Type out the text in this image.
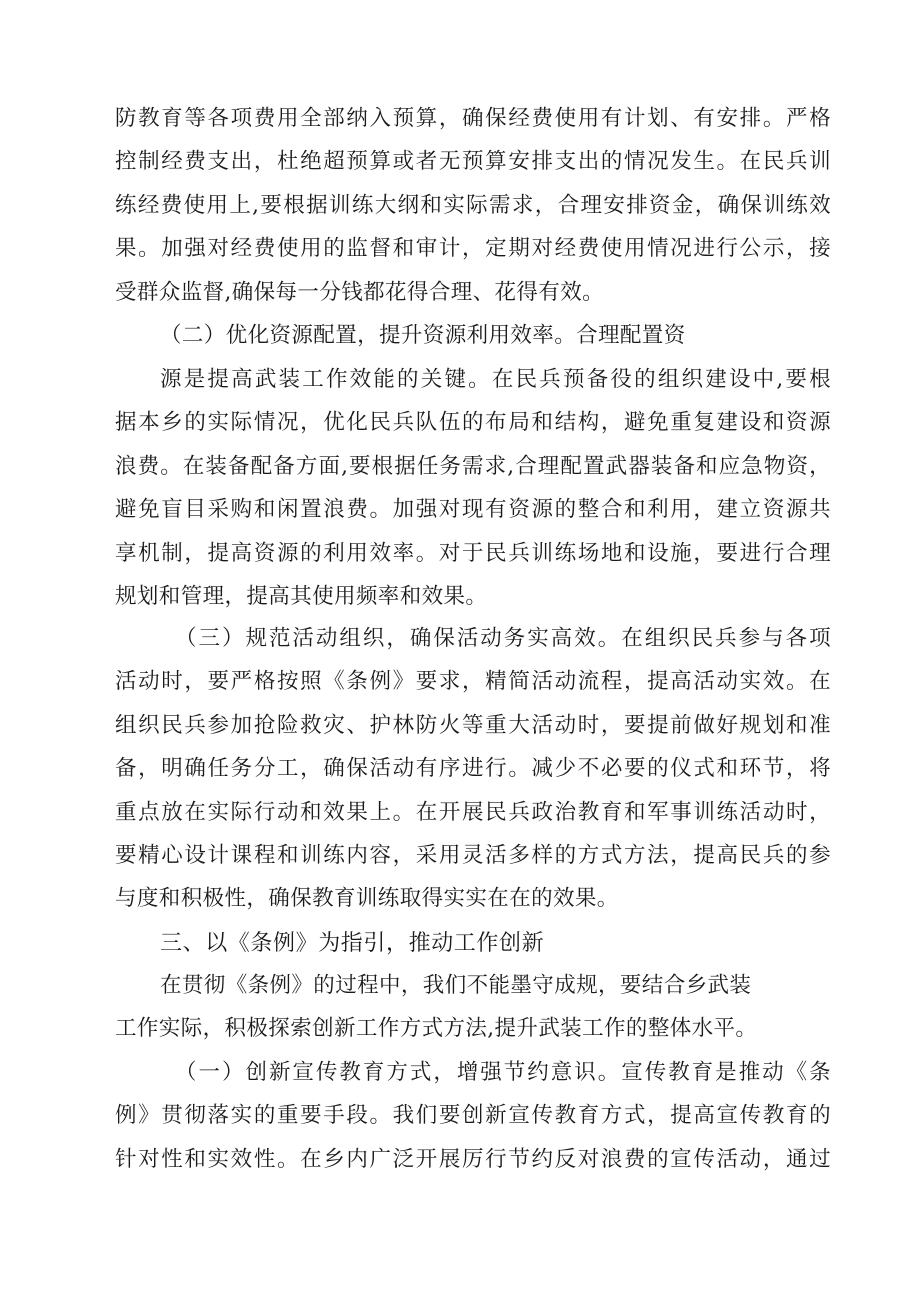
防教育等各项费用全部纳入预算，确保经费使用有计划、有安排。严格
控制经费支出，杜绝超预算或者无预算安排支出的情况发生。在民兵训
练经费使用上,要根据训练大纲和实际需求，合理安排资金，确保训练效
果。加强对经费使用的监督和审计，定期对经费使用情况进行公示，接
受群众监督,确保每一分钱都花得合理、花得有效。
（二）优化资源配置，提升资源利用效率。合理配置资
源是提高武装工作效能的关键。在民兵预备役的组织建设中,要根
据本乡的实际情况，优化民兵队伍的布局和结构，避免重复建设和资源
浪费。在装备配备方面,要根据任务需求,合理配置武器装备和应急物资，
避免盲目采购和闲置浪费。加强对现有资源的整合和利用，建立资源共
享机制，提高资源的利用效率。对于民兵训练场地和设施，要进行合理
规划和管理，提高其使用频率和效果。
（三）规范活动组织，确保活动务实高效。在组织民兵参与各项
活动时，要严格按照《条例》要求，精简活动流程，提高活动实效。在
组织民兵参加抢险救灾、护林防火等重大活动时，要提前做好规划和准
备，明确任务分工，确保活动有序进行。减少不必要的仪式和环节，将
重点放在实际行动和效果上。在开展民兵政治教育和军事训练活动时，
要精心设计课程和训练内容，采用灵活多样的方式方法，提高民兵的参
与度和积极性，确保教育训练取得实实在在的效果。
三、以《条例》为指引，推动工作创新
在贯彻《条例》的过程中，我们不能墨守成规，要结合乡武装
工作实际，积极探索创新工作方式方法,提升武装工作的整体水平。
（一）创新宣传教育方式，增强节约意识。宣传教育是推动《条
例》贯彻落实的重要手段。我们要创新宣传教育方式，提高宣传教育的
针对性和实效性。在乡内广泛开展厉行节约反对浪费的宣传活动，通过
